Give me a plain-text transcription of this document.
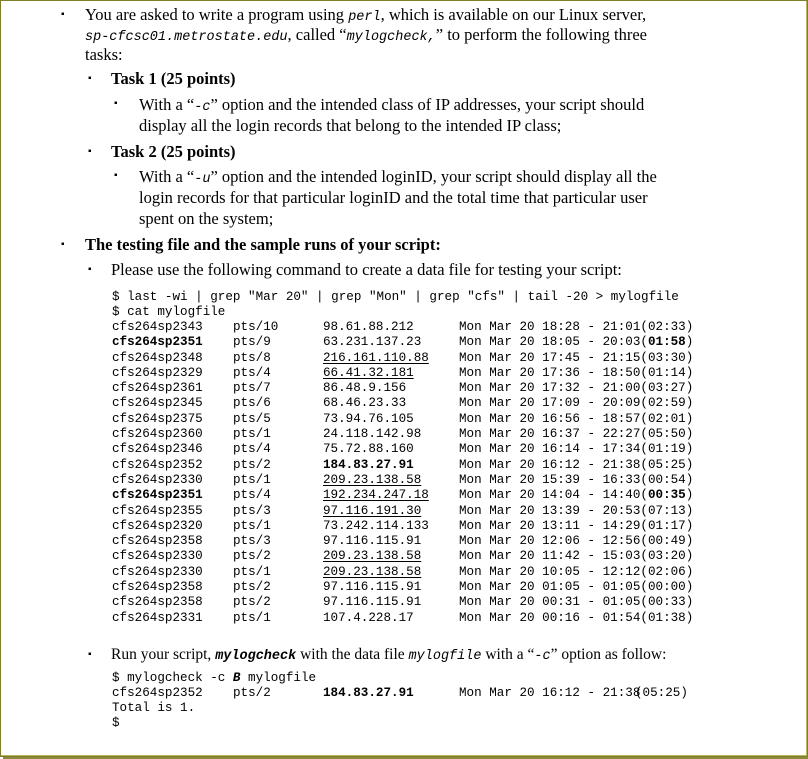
▪ You are asked to write a program using perl, which is available on our Linux server,
sp-cfcsc01.metrostate.edu, called “mylogcheck,” to perform the following three
tasks:
▪ Task 1 (25 points)
▪ With a “-c” option and the intended class of IP addresses, your script should
display all the login records that belong to the intended IP class;
▪ Task 2 (25 points)
▪ With a “-u” option and the intended loginID, your script should display all the
login records for that particular loginID and the total time that particular user
spent on the system;
▪ The testing file and the sample runs of your script:
▪ Please use the following command to create a data file for testing your script:
$ last -wi | grep "Mar 20" | grep "Mon" | grep "cfs" | tail -20 > mylogfile
$ cat mylogfile
cfs264sp2343	pts/10	98.61.88.212	Mon Mar 20 18:28 - 21:01	(02:33)
cfs264sp2351	pts/9	63.231.137.23	Mon Mar 20 18:05 - 20:03	(01:58)
cfs264sp2348	pts/8	216.161.110.88	Mon Mar 20 17:45 - 21:15	(03:30)
cfs264sp2329	pts/4	66.41.32.181	Mon Mar 20 17:36 - 18:50	(01:14)
cfs264sp2361	pts/7	86.48.9.156	Mon Mar 20 17:32 - 21:00	(03:27)
cfs264sp2345	pts/6	68.46.23.33	Mon Mar 20 17:09 - 20:09	(02:59)
cfs264sp2375	pts/5	73.94.76.105	Mon Mar 20 16:56 - 18:57	(02:01)
cfs264sp2360	pts/1	24.118.142.98	Mon Mar 20 16:37 - 22:27	(05:50)
cfs264sp2346	pts/4	75.72.88.160	Mon Mar 20 16:14 - 17:34	(01:19)
cfs264sp2352	pts/2	184.83.27.91	Mon Mar 20 16:12 - 21:38	(05:25)
cfs264sp2330	pts/1	209.23.138.58	Mon Mar 20 15:39 - 16:33	(00:54)
cfs264sp2351	pts/4	192.234.247.18	Mon Mar 20 14:04 - 14:40	(00:35)
cfs264sp2355	pts/3	97.116.191.30	Mon Mar 20 13:39 - 20:53	(07:13)
cfs264sp2320	pts/1	73.242.114.133	Mon Mar 20 13:11 - 14:29	(01:17)
cfs264sp2358	pts/3	97.116.115.91	Mon Mar 20 12:06 - 12:56	(00:49)
cfs264sp2330	pts/2	209.23.138.58	Mon Mar 20 11:42 - 15:03	(03:20)
cfs264sp2330	pts/1	209.23.138.58	Mon Mar 20 10:05 - 12:12	(02:06)
cfs264sp2358	pts/2	97.116.115.91	Mon Mar 20 01:05 - 01:05	(00:00)
cfs264sp2358	pts/2	97.116.115.91	Mon Mar 20 00:31 - 01:05	(00:33)
cfs264sp2331	pts/1	107.4.228.17	Mon Mar 20 00:16 - 01:54	(01:38)
▪ Run your script, mylogcheck with the data file mylogfile with a “-c” option as follow:
$ mylogcheck -c B mylogfile
cfs264sp2352 pts/2	184.83.27.91	Mon Mar 20 16:12 - 21:38(05:25)
Total is 1.
$
